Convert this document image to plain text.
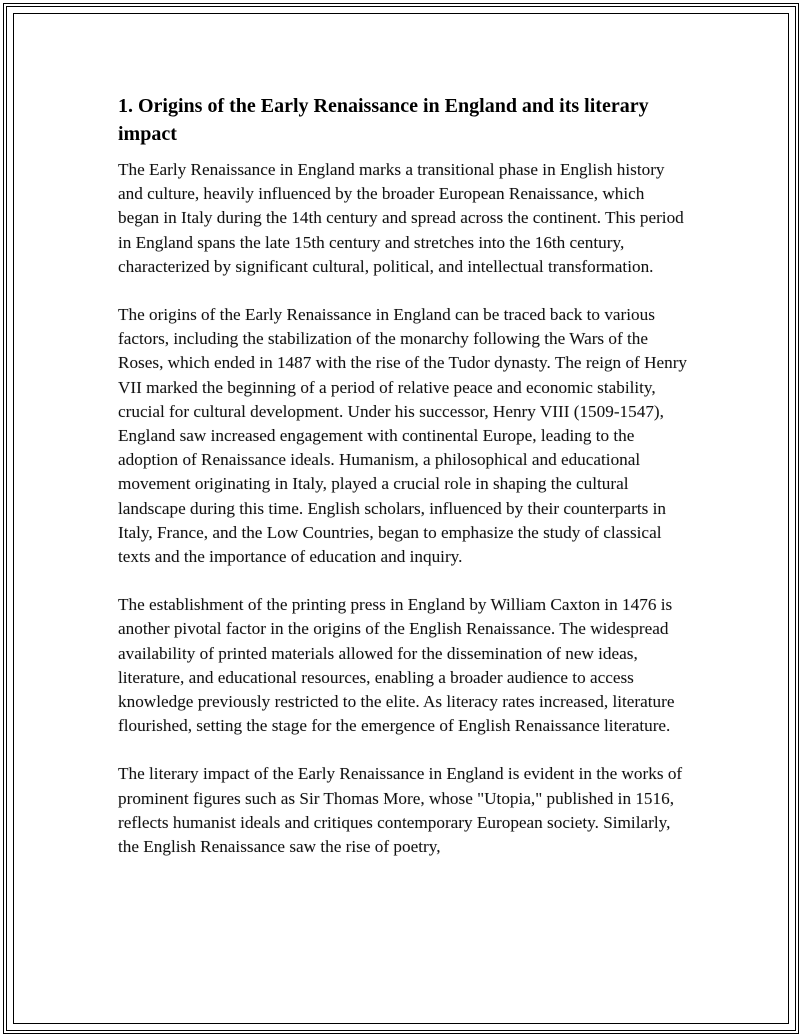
1. Origins of the Early Renaissance in England and its literary impact

The Early Renaissance in England marks a transitional phase in English history and culture, heavily influenced by the broader European Renaissance, which began in Italy during the 14th century and spread across the continent. This period in England spans the late 15th century and stretches into the 16th century, characterized by significant cultural, political, and intellectual transformation.

The origins of the Early Renaissance in England can be traced back to various factors, including the stabilization of the monarchy following the Wars of the Roses, which ended in 1487 with the rise of the Tudor dynasty. The reign of Henry VII marked the beginning of a period of relative peace and economic stability, crucial for cultural development. Under his successor, Henry VIII (1509-1547), England saw increased engagement with continental Europe, leading to the adoption of Renaissance ideals. Humanism, a philosophical and educational movement originating in Italy, played a crucial role in shaping the cultural landscape during this time. English scholars, influenced by their counterparts in Italy, France, and the Low Countries, began to emphasize the study of classical texts and the importance of education and inquiry.

The establishment of the printing press in England by William Caxton in 1476 is another pivotal factor in the origins of the English Renaissance. The widespread availability of printed materials allowed for the dissemination of new ideas, literature, and educational resources, enabling a broader audience to access knowledge previously restricted to the elite. As literacy rates increased, literature flourished, setting the stage for the emergence of English Renaissance literature.

The literary impact of the Early Renaissance in England is evident in the works of prominent figures such as Sir Thomas More, whose "Utopia," published in 1516, reflects humanist ideals and critiques contemporary European society. Similarly, the English Renaissance saw the rise of poetry,
